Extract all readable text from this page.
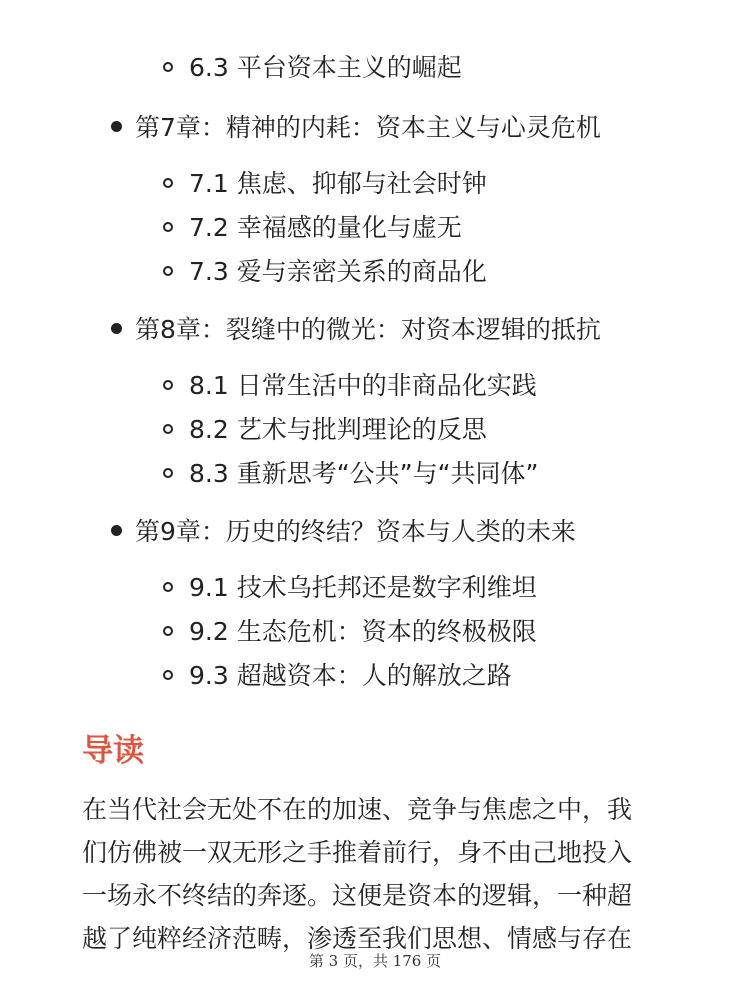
6.3 平台资本主义的崛起
第7章：精神的内耗：资本主义与心灵危机
7.1 焦虑、抑郁与社会时钟
7.2 幸福感的量化与虚无
7.3 爱与亲密关系的商品化
第8章：裂缝中的微光：对资本逻辑的抵抗
8.1 日常生活中的非商品化实践
8.2 艺术与批判理论的反思
8.3 重新思考“公共”与“共同体”
第9章：历史的终结？资本与人类的未来
9.1 技术乌托邦还是数字利维坦
9.2 生态危机：资本的终极极限
9.3 超越资本：人的解放之路
导读
在当代社会无处不在的加速、竞争与焦虑之中，我
们仿佛被一双无形之手推着前行，身不由己地投入
一场永不终结的奔逐。这便是资本的逻辑，一种超
越了纯粹经济范畴，渗透至我们思想、情感与存在
第 3 页，共 176 页
